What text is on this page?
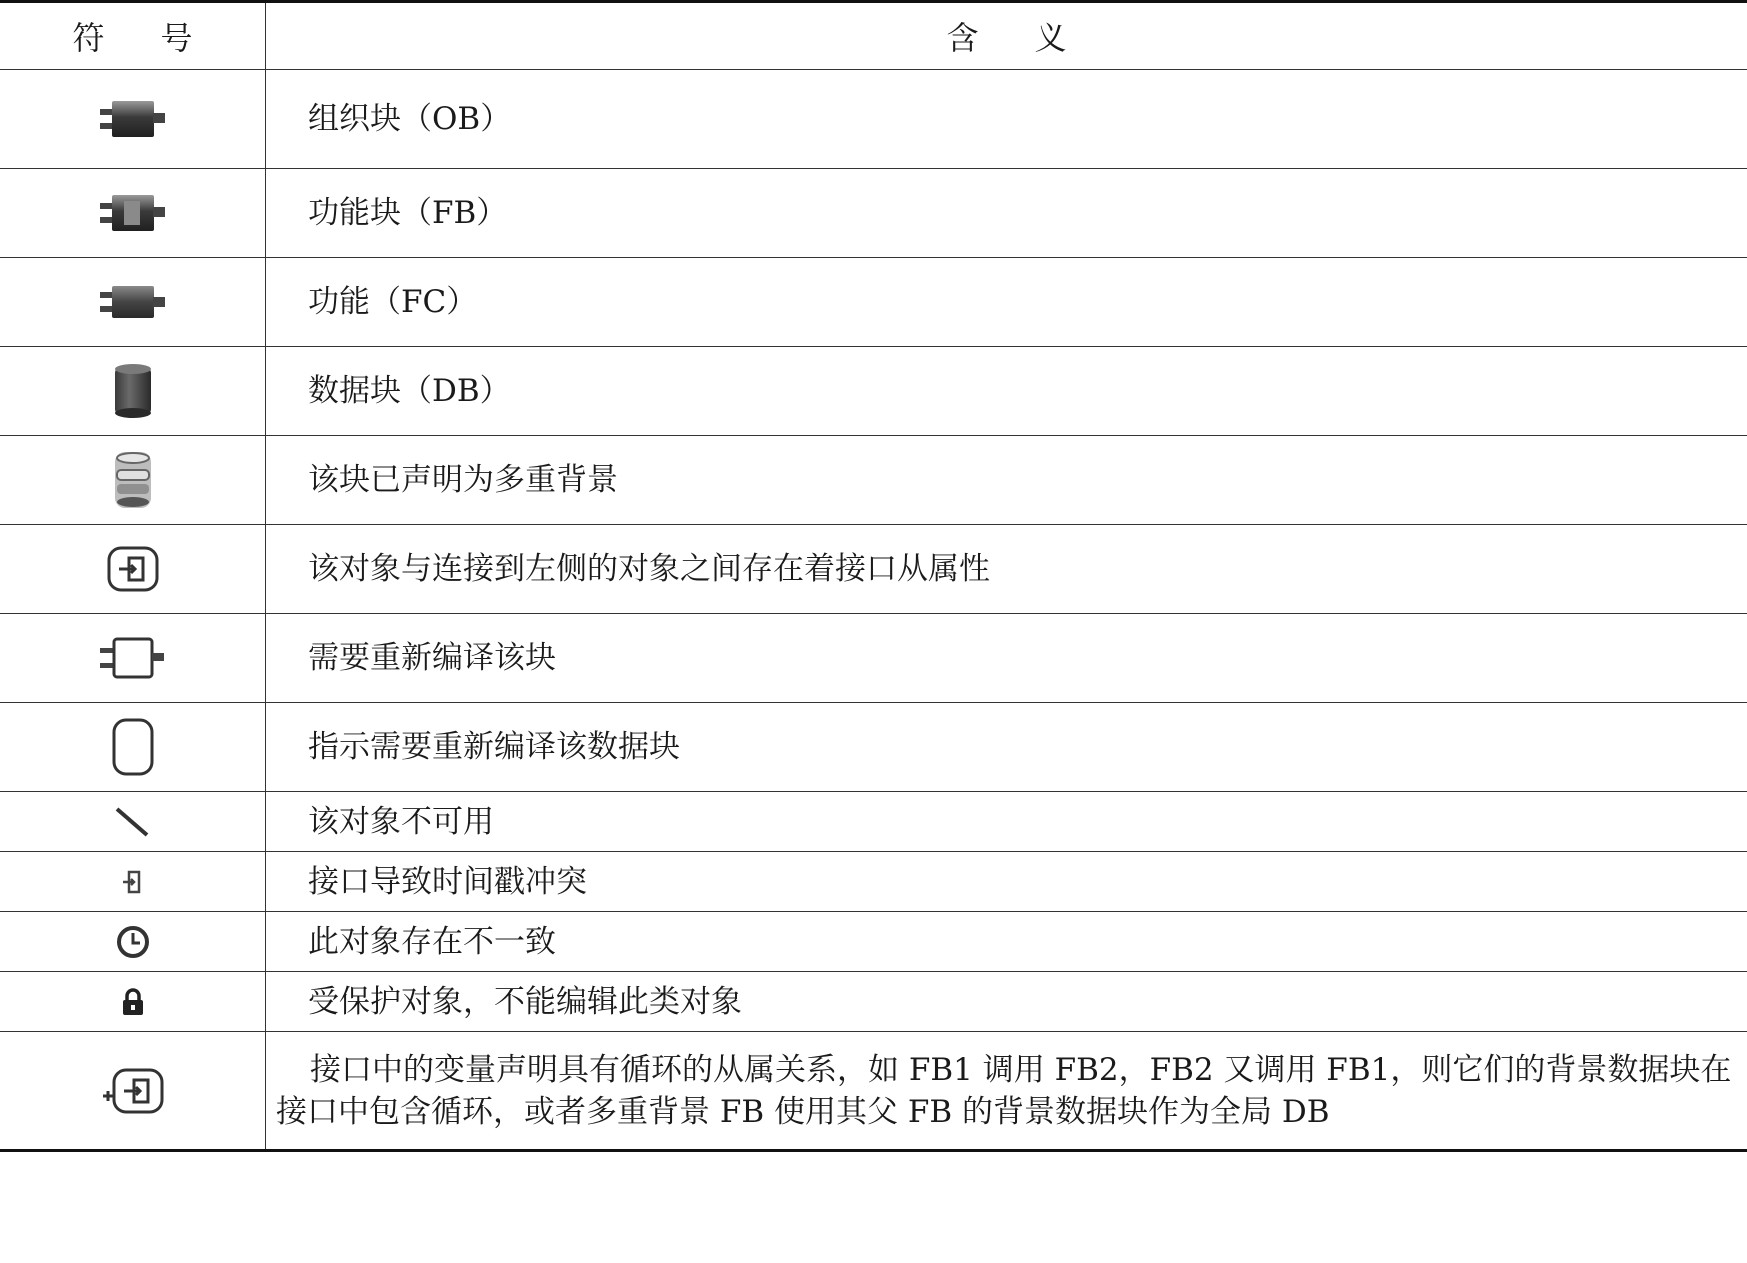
符 号	含 义

	组织块（OB）

	功能块（FB）

	功能（FC）

	数据块（DB）

	该块已声明为多重背景

	该对象与连接到左侧的对象之间存在着接口从属性

	需要重新编译该块

	指示需要重新编译该数据块

	该对象不可用

	接口导致时间戳冲突

	此对象存在不一致

	受保护对象，不能编辑此类对象

	接口中的变量声明具有循环的从属关系，如 FB1 调用 FB2，FB2 又调用 FB1，则它们的背景数据块在接口中包含循环，或者多重背景 FB 使用其父 FB 的背景数据块作为全局 DB
